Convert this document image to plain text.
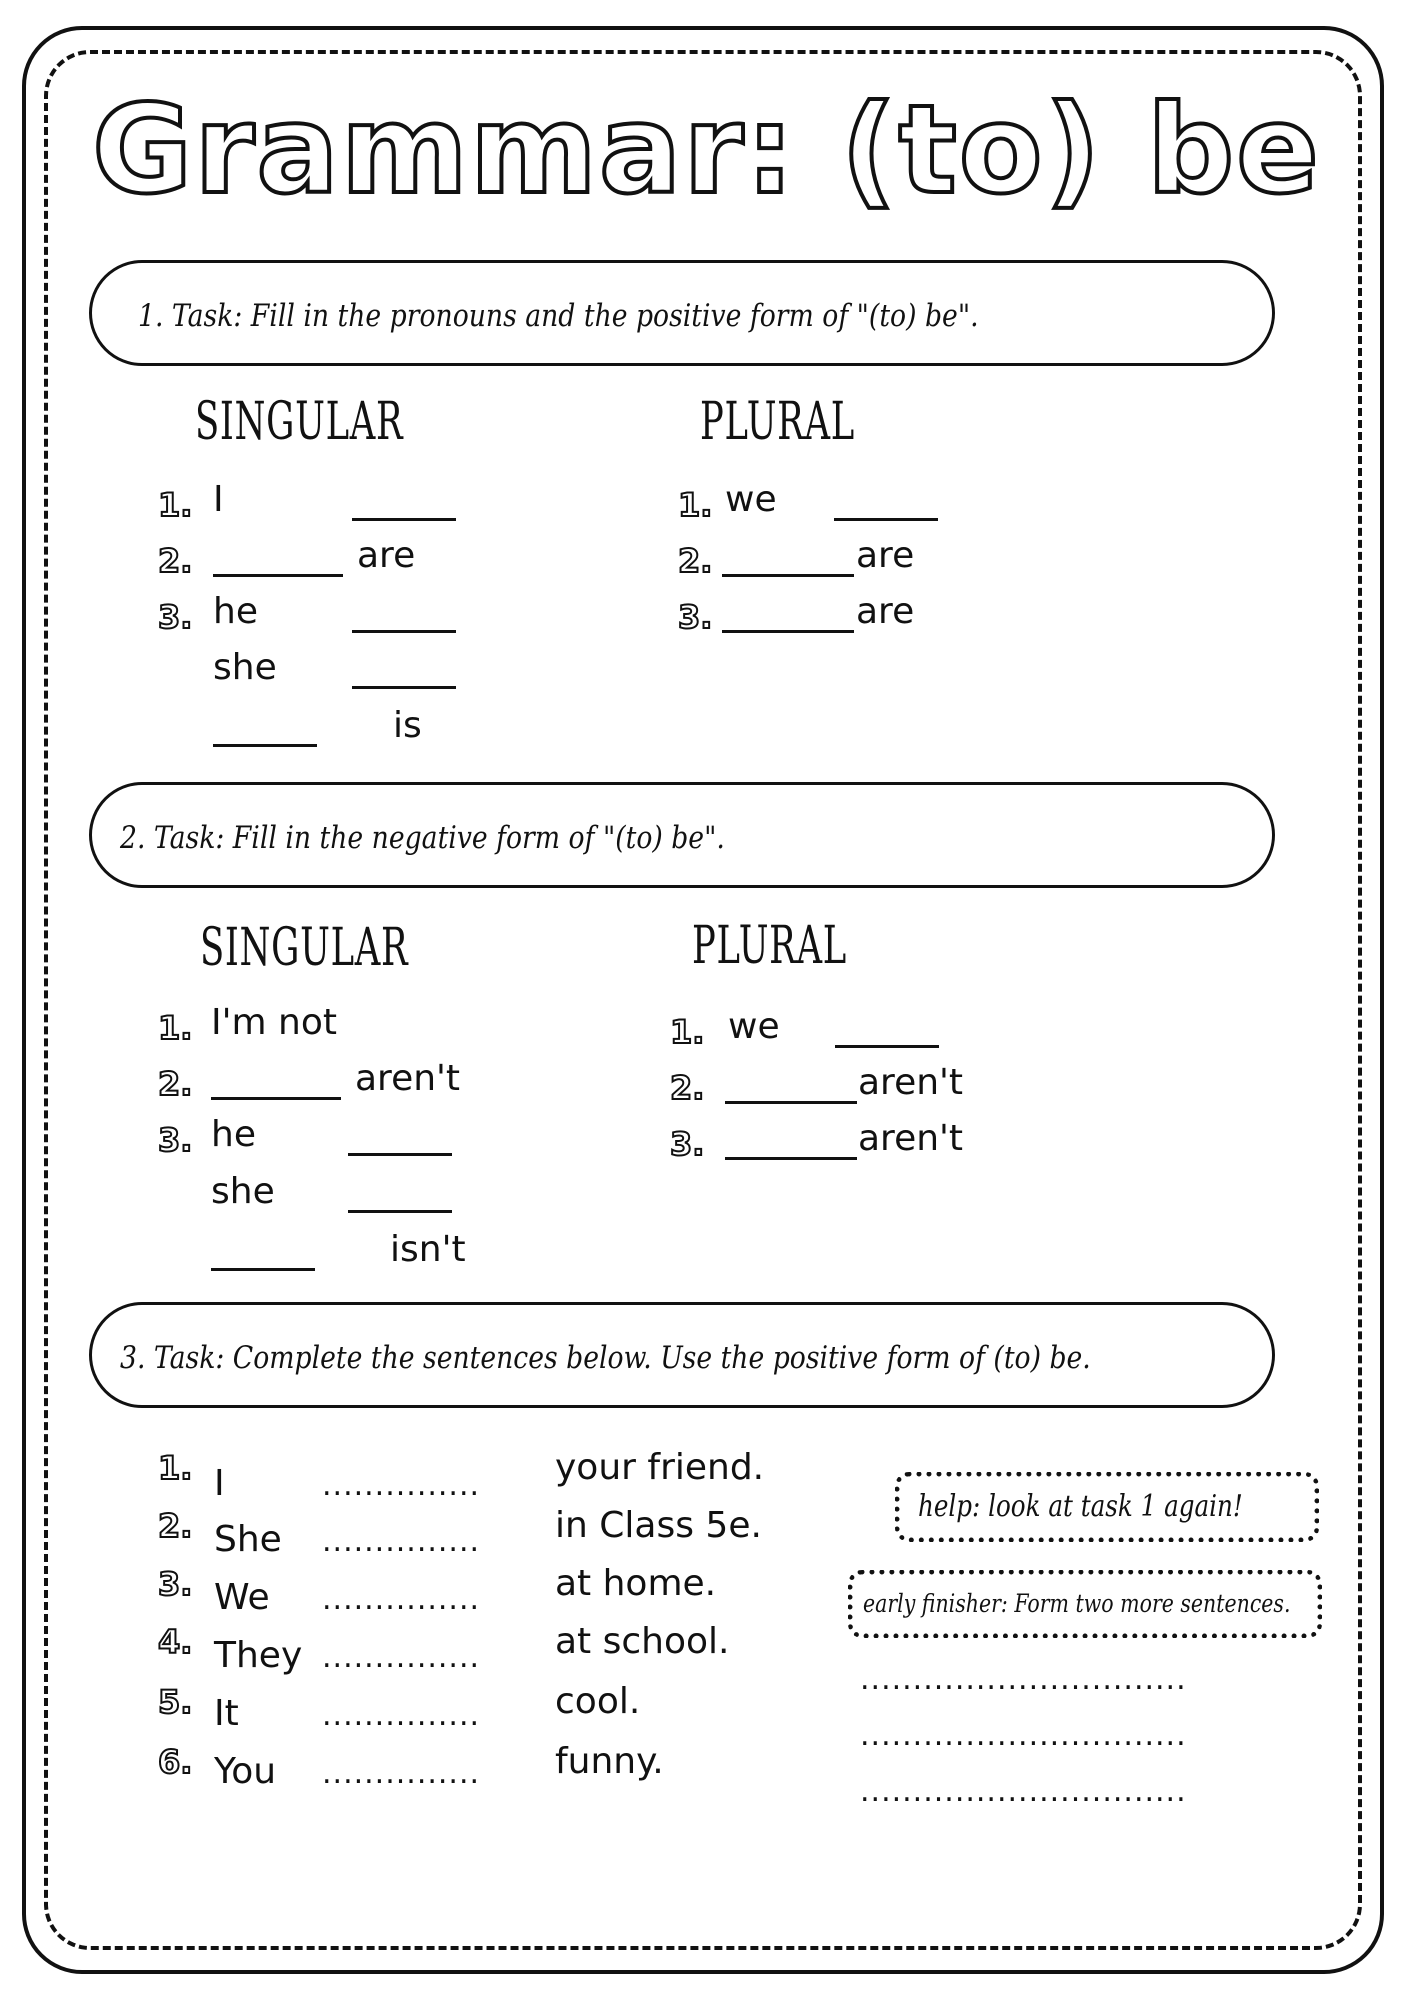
Grammar: (to) be
1. Task: Fill in the pronouns and the positive form of "(to) be".
SINGULAR	PLURAL
1.
2.
3.
I
are
he
she
is
1.
2.
3.
we
are
are
2. Task: Fill in the negative form of "(to) be".
SINGULAR	PLURAL
1.
2.
3.
I'm not
aren't
he
she
isn't
1.
2.
3.
we
aren't
aren't
3. Task: Complete the sentences below. Use the positive form of (to) be.
1.
2.
3.
4.
5.
6.
I
She
We
They
It
You
...............
...............
...............
...............
...............
...............
your friend.
in Class 5e.
at home.
at school.
cool.
funny.
help: look at task 1 again!
early finisher: Form two more sentences.
...............................
...............................
...............................
